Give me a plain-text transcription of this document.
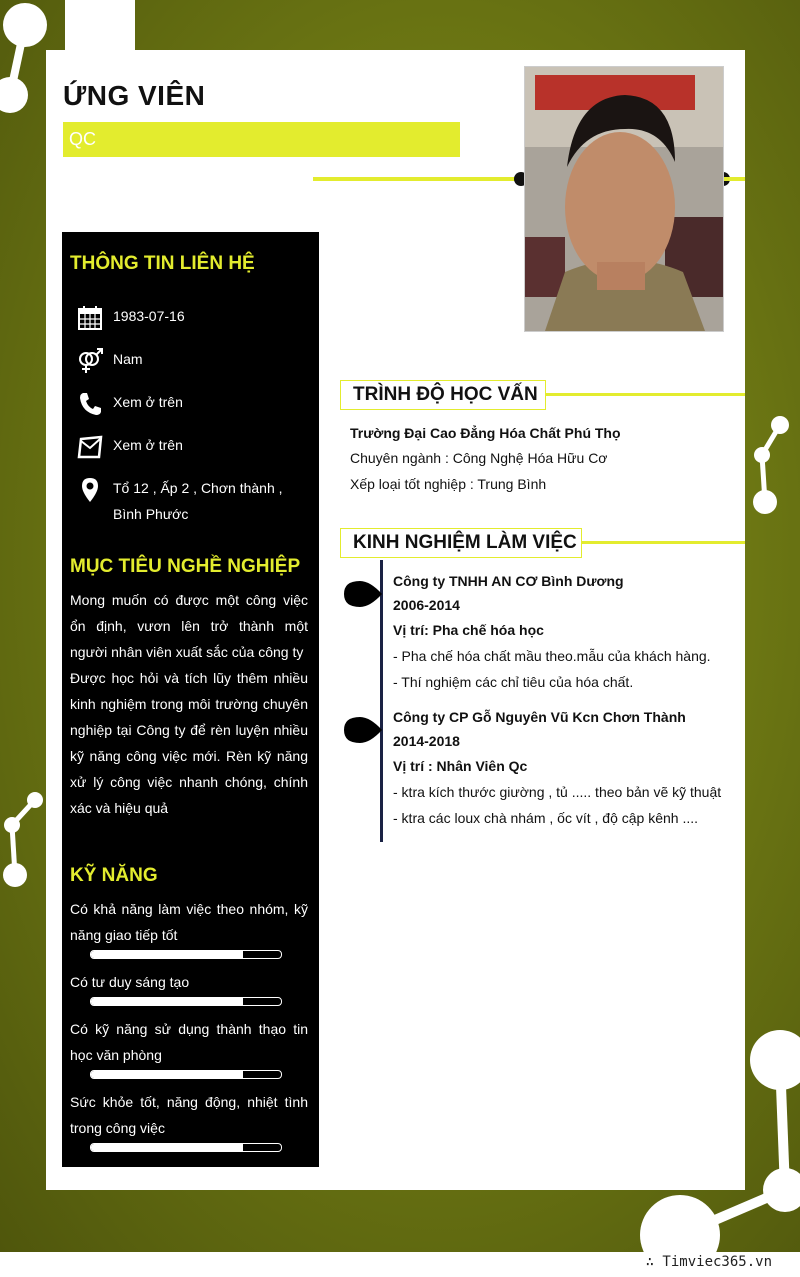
ỨNG VIÊN
QC
THÔNG TIN LIÊN HỆ
1983-07-16
Nam
Xem ở trên
Xem ở trên
Tổ 12 , Ấp 2 , Chơn thành , Bình Phước
MỤC TIÊU NGHỀ NGHIỆP
Mong muốn có được một công việc ổn định, vươn lên trở thành một người nhân viên xuất sắc của công ty
Được học hỏi và tích lũy thêm nhiều kinh nghiệm trong môi trường chuyên nghiệp tại Công ty để rèn luyện nhiều kỹ năng công việc mới. Rèn kỹ năng xử lý công việc nhanh chóng, chính xác và hiệu quả
KỸ NĂNG
Có khả năng làm việc theo nhóm, kỹ năng giao tiếp tốt
Có tư duy sáng tạo
Có kỹ năng sử dụng thành thạo tin học văn phòng
Sức khỏe tốt, năng động, nhiệt tình trong công việc
TRÌNH ĐỘ HỌC VẤN
Trường Đại Cao Đẳng Hóa Chất Phú Thọ
Chuyên ngành : Công Nghệ Hóa Hữu Cơ
Xếp loại tốt nghiệp : Trung Bình
KINH NGHIỆM LÀM VIỆC
Công ty TNHH AN CƠ Bình Dương
2006-2014
Vị trí: Pha chế hóa học
- Pha chế hóa chất mầu theo.mẫu của khách hàng.
- Thí nghiệm các chỉ tiêu của hóa chất.
Công ty CP Gỗ Nguyên Vũ Kcn Chơn Thành
2014-2018
Vị trí : Nhân Viên Qc
- ktra kích thước giường , tủ ..... theo bản vẽ kỹ thuật
- ktra các loux chà nhám , ốc vít , độ cập kênh ....
∴ Timviec365.vn
